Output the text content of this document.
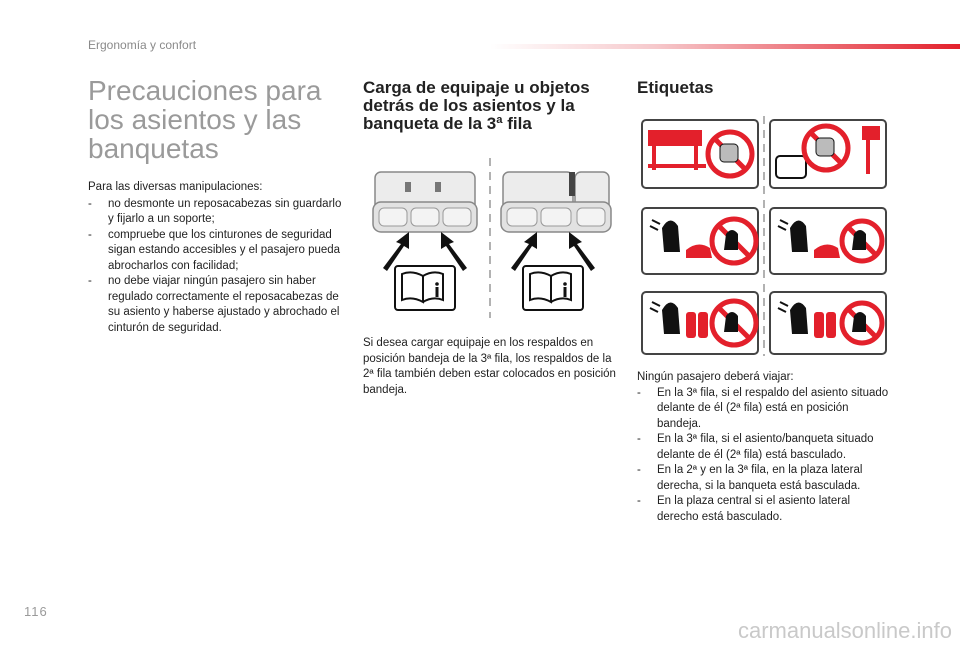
Ergonomía y confort
Precauciones para los asientos y las banquetas
Para las diversas manipulaciones:
- no desmonte un reposacabezas sin guardarlo y fijarlo a un soporte;
- compruebe que los cinturones de seguridad sigan estando accesibles y el pasajero pueda abrocharlos con facilidad;
- no debe viajar ningún pasajero sin haber regulado correctamente el reposacabezas de su asiento y haberse ajustado y abrochado el cinturón de seguridad.
Carga de equipaje u objetos detrás de los asientos y la banqueta de la 3ª fila
Si desea cargar equipaje en los respaldos en posición bandeja de la 3ª fila, los respaldos de la 2ª fila también deben estar colocados en posición bandeja.
Etiquetas
Ningún pasajero deberá viajar:
- En la 3ª fila, si el respaldo del asiento situado delante de él (2ª fila) está en posición bandeja.
- En la 3ª fila, si el asiento/banqueta situado delante de él (2ª fila) está basculado.
- En la 2ª y en la 3ª fila, en la plaza lateral derecha, si la banqueta está basculada.
- En la plaza central si el asiento lateral derecho está basculado.
116
carmanualsonline.info
